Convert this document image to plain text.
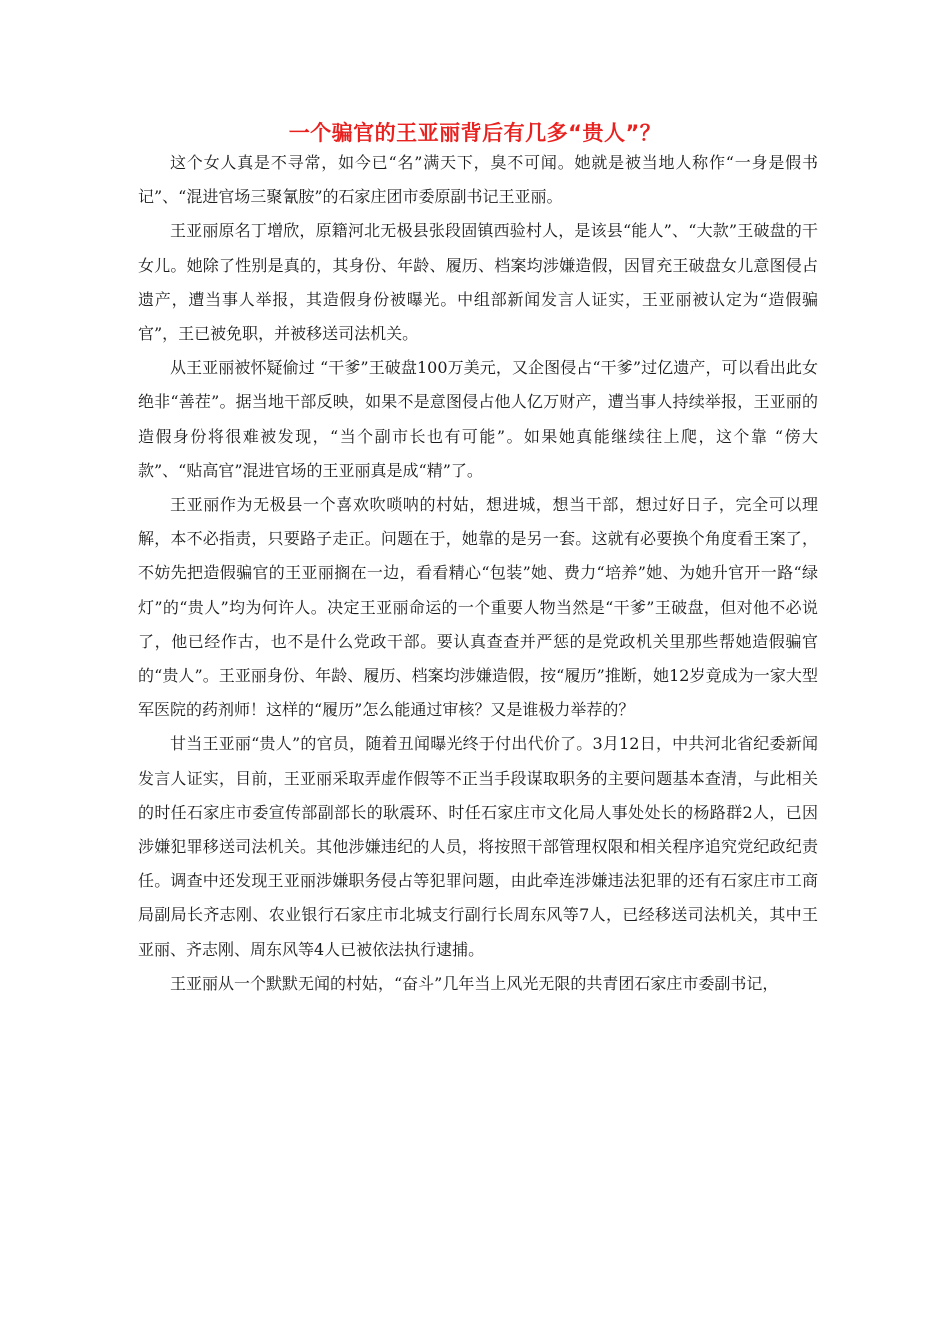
一个骗官的王亚丽背后有几多“贵人”？

这个女人真是不寻常，如今已“名”满天下，臭不可闻。她就是被当地人称作“一身是假书记”、“混进官场三聚氰胺”的石家庄团市委原副书记王亚丽。

王亚丽原名丁增欣，原籍河北无极县张段固镇西验村人，是该县“能人”、“大款”王破盘的干女儿。她除了性别是真的，其身份、年龄、履历、档案均涉嫌造假，因冒充王破盘女儿意图侵占遗产，遭当事人举报，其造假身份被曝光。中组部新闻发言人证实，王亚丽被认定为“造假骗官”，王已被免职，并被移送司法机关。

从王亚丽被怀疑偷过 “干爹”王破盘100万美元，又企图侵占“干爹”过亿遗产，可以看出此女绝非“善茬”。据当地干部反映，如果不是意图侵占他人亿万财产，遭当事人持续举报，王亚丽的造假身份将很难被发现，“当个副市长也有可能”。如果她真能继续往上爬，这个靠 “傍大款”、“贴高官”混进官场的王亚丽真是成“精”了。

王亚丽作为无极县一个喜欢吹唢呐的村姑，想进城，想当干部，想过好日子，完全可以理解，本不必指责，只要路子走正。问题在于，她靠的是另一套。这就有必要换个角度看王案了，不妨先把造假骗官的王亚丽搁在一边，看看精心“包装”她、费力“培养”她、为她升官开一路“绿灯”的“贵人”均为何许人。决定王亚丽命运的一个重要人物当然是“干爹”王破盘，但对他不必说了，他已经作古，也不是什么党政干部。要认真查查并严惩的是党政机关里那些帮她造假骗官的“贵人”。王亚丽身份、年龄、履历、档案均涉嫌造假，按“履历”推断，她12岁竟成为一家大型军医院的药剂师！这样的“履历”怎么能通过审核？又是谁极力举荐的？

甘当王亚丽“贵人”的官员，随着丑闻曝光终于付出代价了。3月12日，中共河北省纪委新闻发言人证实，目前，王亚丽采取弄虚作假等不正当手段谋取职务的主要问题基本查清，与此相关的时任石家庄市委宣传部副部长的耿震环、时任石家庄市文化局人事处处长的杨路群2人，已因涉嫌犯罪移送司法机关。其他涉嫌违纪的人员，将按照干部管理权限和相关程序追究党纪政纪责任。调查中还发现王亚丽涉嫌职务侵占等犯罪问题，由此牵连涉嫌违法犯罪的还有石家庄市工商局副局长齐志刚、农业银行石家庄市北城支行副行长周东风等7人，已经移送司法机关，其中王亚丽、齐志刚、周东风等4人已被依法执行逮捕。

王亚丽从一个默默无闻的村姑，“奋斗”几年当上风光无限的共青团石家庄市委副书记，
